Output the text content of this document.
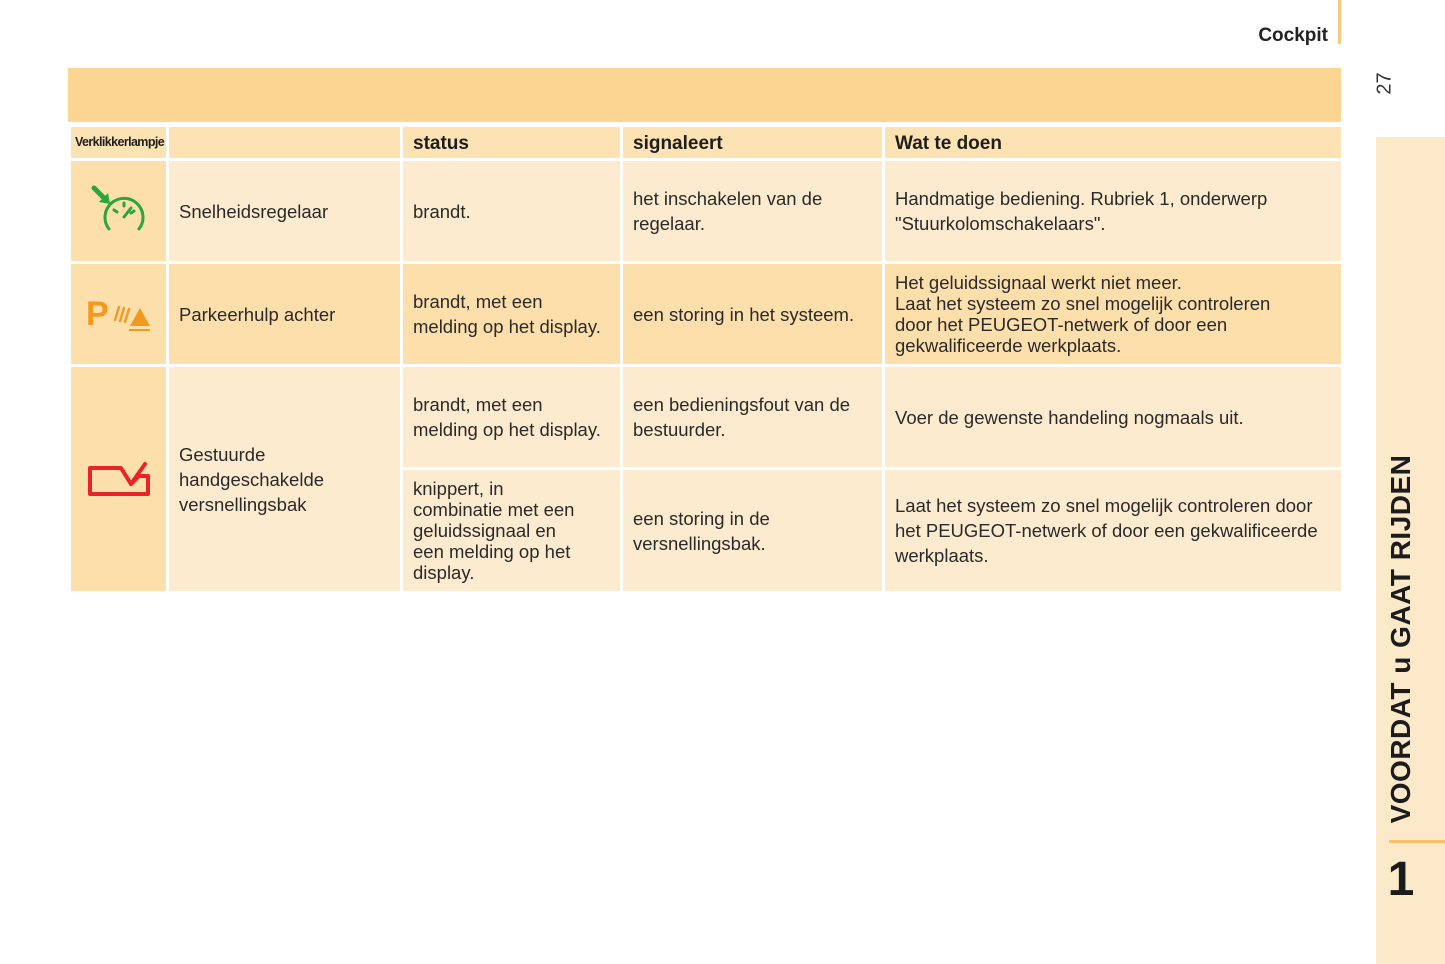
Cockpit
27
VOORDAT u GAAT RIJDEN
1
Verklikkerlampje		status	signaleert	Wat te doen
	Snelheidsregelaar	brandt.	het inschakelen van de regelaar.	Handmatige bediening. Rubriek 1, onderwerp "Stuurkolomschakelaars".

P	Parkeerhulp achter	brandt, met een melding op het display.	een storing in het systeem.	Het geluidssignaal werkt niet meer.
Laat het systeem zo snel mogelijk controleren
door het PEUGEOT-netwerk of door een
gekwalificeerde werkplaats.

	Gestuurde handgeschakelde versnellingsbak	brandt, met een melding op het display.	een bedieningsfout van de bestuurder.	Voer de gewenste handeling nogmaals uit.

		knippert, in
combinatie met een
geluidssignaal en
een melding op het
display.	een storing in de versnellingsbak.	Laat het systeem zo snel mogelijk controleren door het PEUGEOT-netwerk of door een gekwalificeerde werkplaats.
